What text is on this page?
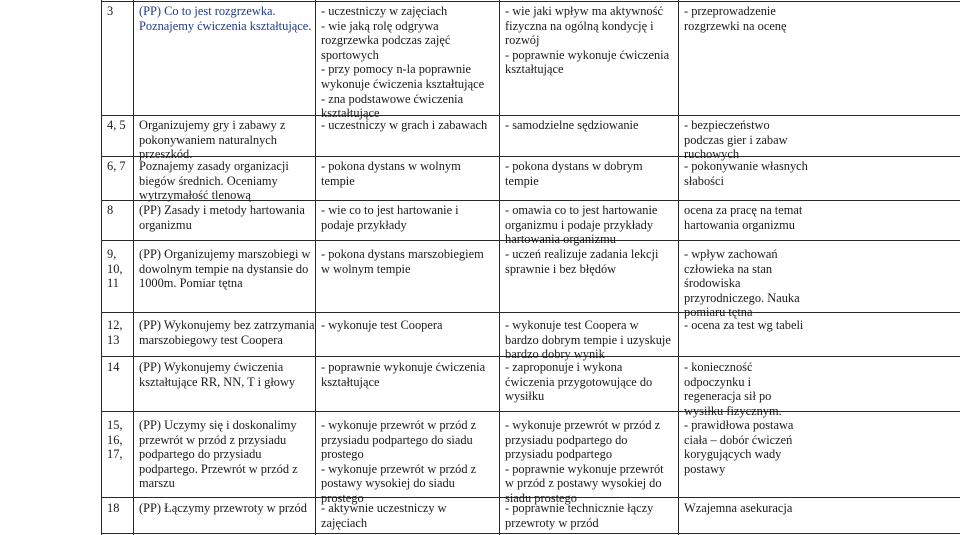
3 (PP) Co to jest rozgrzewka.
Poznajemy ćwiczenia kształtujące.
- uczestniczy w zajęciach
- wie jaką rolę odgrywa
rozgrzewka podczas zajęć
sportowych
- przy pomocy n-la poprawnie
wykonuje ćwiczenia kształtujące
- zna podstawowe ćwiczenia
kształtujące
- wie jaki wpływ ma aktywność
fizyczna na ogólną kondycję i
rozwój
- poprawnie wykonuje ćwiczenia
kształtujące
- przeprowadzenie
rozgrzewki na ocenę
4, 5 Organizujemy gry i zabawy z
pokonywaniem naturalnych
przeszkód.
- uczestniczy w grach i zabawach - samodzielne sędziowanie	- bezpieczeństwo
podczas gier i zabaw
ruchowych
6, 7 Poznajemy zasady organizacji
biegów średnich. Oceniamy
wytrzymałość tlenową
- pokona dystans w wolnym
tempie
- pokona dystans w dobrym
tempie
- pokonywanie własnych
słabości
8 (PP) Zasady i metody hartowania
organizmu
- wie co to jest hartowanie i
podaje przykłady
- omawia co to jest hartowanie
organizmu i podaje przykłady
hartowania organizmu
ocena za pracę na temat
hartowania organizmu
9,
10,
11
(PP) Organizujemy marszobiegi w
dowolnym tempie na dystansie do
1000m. Pomiar tętna
- pokona dystans marszobiegiem
w wolnym tempie
- uczeń realizuje zadania lekcji
sprawnie i bez błędów
- wpływ zachowań
człowieka na stan
środowiska
przyrodniczego. Nauka
pomiaru tętna
12,
13
(PP) Wykonujemy bez zatrzymania
marszobiegowy test Coopera
- wykonuje test Coopera	- wykonuje test Coopera w
bardzo dobrym tempie i uzyskuje
bardzo dobry wynik
- ocena za test wg tabeli
14 (PP) Wykonujemy ćwiczenia
kształtujące RR, NN, T i głowy
- poprawnie wykonuje ćwiczenia
kształtujące
- zaproponuje i wykona
ćwiczenia przygotowujące do
wysiłku
- konieczność
odpoczynku i
regeneracja sił po
wysiłku fizycznym.
15,
16,
17,
(PP) Uczymy się i doskonalimy
przewrót w przód z przysiadu
podpartego do przysiadu
podpartego. Przewrót w przód z
marszu
- wykonuje przewrót w przód z
przysiadu podpartego do siadu
prostego
- wykonuje przewrót w przód z
postawy wysokiej do siadu
prostego
- wykonuje przewrót w przód z
przysiadu podpartego do
przysiadu podpartego
- poprawnie wykonuje przewrót
w przód z postawy wysokiej do
siadu prostego
- prawidłowa postawa
ciała – dobór ćwiczeń
korygujących wady
postawy
18 (PP) Łączymy przewroty w przód - aktywnie uczestniczy w
zajęciach
- poprawnie technicznie łączy
przewroty w przód
Wzajemna asekuracja
